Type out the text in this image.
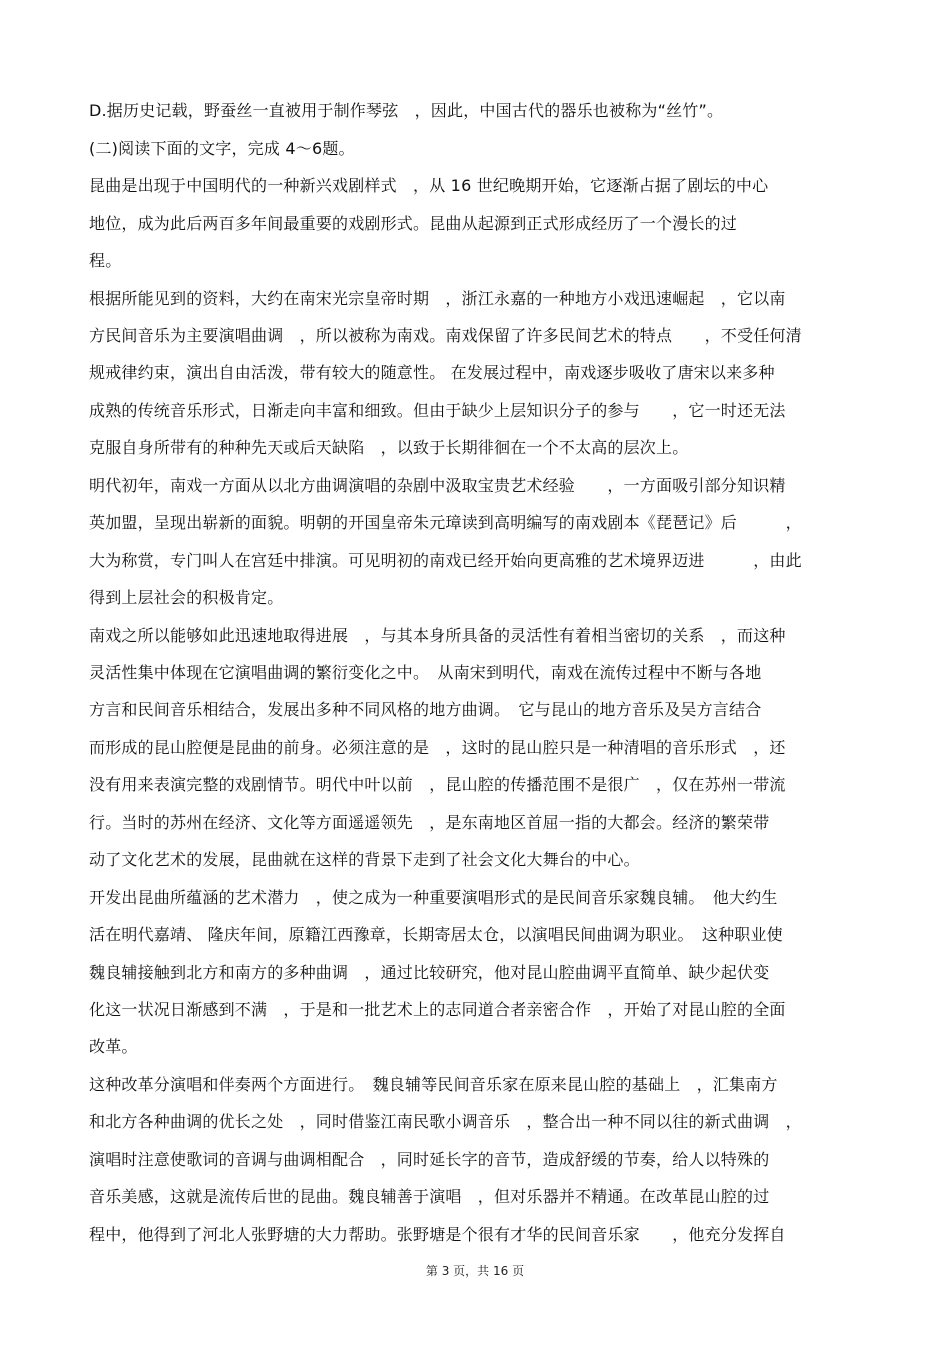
D.据历史记载，野蚕丝一直被用于制作琴弦　，因此，中国古代的器乐也被称为“丝竹”。
(二)阅读下面的文字，完成 4〜6题。
昆曲是出现于中国明代的一种新兴戏剧样式　，从 16 世纪晚期开始，它逐渐占据了剧坛的中心
地位，成为此后两百多年间最重要的戏剧形式。昆曲从起源到正式形成经历了一个漫长的过
程。
根据所能见到的资料，大约在南宋光宗皇帝时期　，浙江永嘉的一种地方小戏迅速崛起　，它以南
方民间音乐为主要演唱曲调　，所以被称为南戏。南戏保留了许多民间艺术的特点　　，不受任何清
规戒律约束，演出自由活泼，带有较大的随意性。 在发展过程中，南戏逐步吸收了唐宋以来多种
成熟的传统音乐形式，日渐走向丰富和细致。但由于缺少上层知识分子的参与　　，它一时还无法
克服自身所带有的种种先天或后天缺陷　，以致于长期徘徊在一个不太高的层次上。
明代初年，南戏一方面从以北方曲调演唱的杂剧中汲取宝贵艺术经验　　，一方面吸引部分知识精
英加盟，呈现出崭新的面貌。明朝的开国皇帝朱元璋读到高明编写的南戏剧本《琵琶记》后　　　，
大为称赏，专门叫人在宫廷中排演。可见明初的南戏已经开始向更高雅的艺术境界迈进　　　，由此
得到上层社会的积极肯定。
南戏之所以能够如此迅速地取得进展　，与其本身所具备的灵活性有着相当密切的关系　，而这种
灵活性集中体现在它演唱曲调的繁衍变化之中。　从南宋到明代，南戏在流传过程中不断与各地
方言和民间音乐相结合，发展出多种不同风格的地方曲调。　它与昆山的地方音乐及吴方言结合
而形成的昆山腔便是昆曲的前身。必须注意的是　，这时的昆山腔只是一种清唱的音乐形式　，还
没有用来表演完整的戏剧情节。明代中叶以前　，昆山腔的传播范围不是很广　，仅在苏州一带流
行。当时的苏州在经济、文化等方面遥遥领先　，是东南地区首屈一指的大都会。经济的繁荣带
动了文化艺术的发展，昆曲就在这样的背景下走到了社会文化大舞台的中心。
开发出昆曲所蕴涵的艺术潜力　，使之成为一种重要演唱形式的是民间音乐家魏良辅。　他大约生
活在明代嘉靖、 隆庆年间，原籍江西豫章，长期寄居太仓，以演唱民间曲调为职业。　这种职业使
魏良辅接触到北方和南方的多种曲调　，通过比较研究，他对昆山腔曲调平直简单、缺少起伏变
化这一状况日渐感到不满　，于是和一批艺术上的志同道合者亲密合作　，开始了对昆山腔的全面
改革。
这种改革分演唱和伴奏两个方面进行。　魏良辅等民间音乐家在原来昆山腔的基础上　，汇集南方
和北方各种曲调的优长之处　，同时借鉴江南民歌小调音乐　，整合出一种不同以往的新式曲调　，
演唱时注意使歌词的音调与曲调相配合　，同时延长字的音节，造成舒缓的节奏，给人以特殊的
音乐美感，这就是流传后世的昆曲。魏良辅善于演唱　，但对乐器并不精通。在改革昆山腔的过
程中，他得到了河北人张野塘的大力帮助。张野塘是个很有才华的民间音乐家　　，他充分发挥自
第 3 页，共 16 页
